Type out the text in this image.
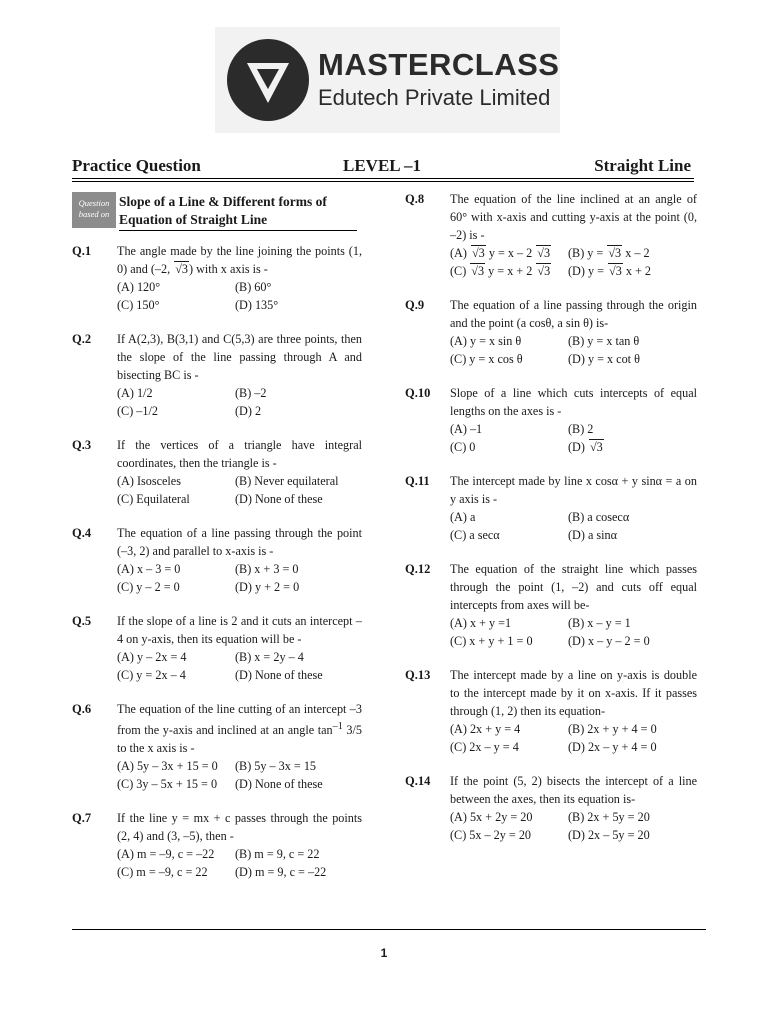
MASTERCLASS
Edutech Private Limited
Practice Question	LEVEL –1	Straight Line
Question based on
Slope of a Line & Different forms of Equation of Straight Line
Q.1 The angle made by the line joining the points (1, 0) and (–2, √3) with x axis is -
(A) 120°	(B) 60°
(C) 150°	(D) 135°
Q.2 If A(2,3), B(3,1) and C(5,3) are three points, then the slope of the line passing through A and bisecting BC is -
(A) 1/2	(B) –2
(C) –1/2	(D) 2
Q.3 If the vertices of a triangle have integral coordinates, then the triangle is -
(A) Isosceles	(B) Never equilateral
(C) Equilateral	(D) None of these
Q.4 The equation of a line passing through the point (–3, 2) and parallel to x-axis is -
(A) x – 3 = 0	(B) x + 3 = 0
(C) y – 2 = 0	(D) y + 2 = 0
Q.5 If the slope of a line is 2 and it cuts an intercept – 4 on y-axis, then its equation will be -
(A) y – 2x = 4	(B) x = 2y – 4
(C) y = 2x – 4	(D) None of these
Q.6 The equation of the line cutting of an intercept –3 from the y-axis and inclined at an angle $\tan^{-1} 3/5$ to the x axis is -
(A) 5y – 3x + 15 = 0	(B) 5y – 3x = 15
(C) 3y – 5x + 15 = 0	(D) None of these
Q.7 If the line y = mx + c passes through the points (2, 4) and (3, –5), then -
(A) m = –9, c = –22	(B) m = 9, c = 22
(C) m = –9, c = 22	(D) m = 9, c = –22
Q.8 The equation of the line inclined at an angle of 60° with x-axis and cutting y-axis at the point (0, –2) is -
(A) √3 y = x – 2 √3	(B) y = √3 x – 2
(C) √3 y = x + 2 √3	(D) y = √3 x + 2
Q.9 The equation of a line passing through the origin and the point (a cosθ, a sin θ) is-
(A) y = x sin θ	(B) y = x tan θ
(C) y = x cos θ	(D) y = x cot θ
Q.10 Slope of a line which cuts intercepts of equal lengths on the axes is -
(A) –1	(B) 2
(C) 0	(D) √3
Q.11 The intercept made by line x cosα + y sinα = a on y axis is -
(A) a	(B) a cosecα
(C) a secα	(D) a sinα
Q.12 The equation of the straight line which passes through the point (1, –2) and cuts off equal intercepts from axes will be-
(A) x + y =1	(B) x – y = 1
(C) x + y + 1 = 0	(D) x – y – 2 = 0
Q.13 The intercept made by a line on y-axis is double to the intercept made by it on x-axis. If it passes through (1, 2) then its equation-
(A) 2x + y = 4	(B) 2x + y + 4 = 0
(C) 2x – y = 4	(D) 2x – y + 4 = 0
Q.14 If the point (5, 2) bisects the intercept of a line between the axes, then its equation is-
(A) 5x + 2y = 20	(B) 2x + 5y = 20
(C) 5x – 2y = 20	(D) 2x – 5y = 20
1
